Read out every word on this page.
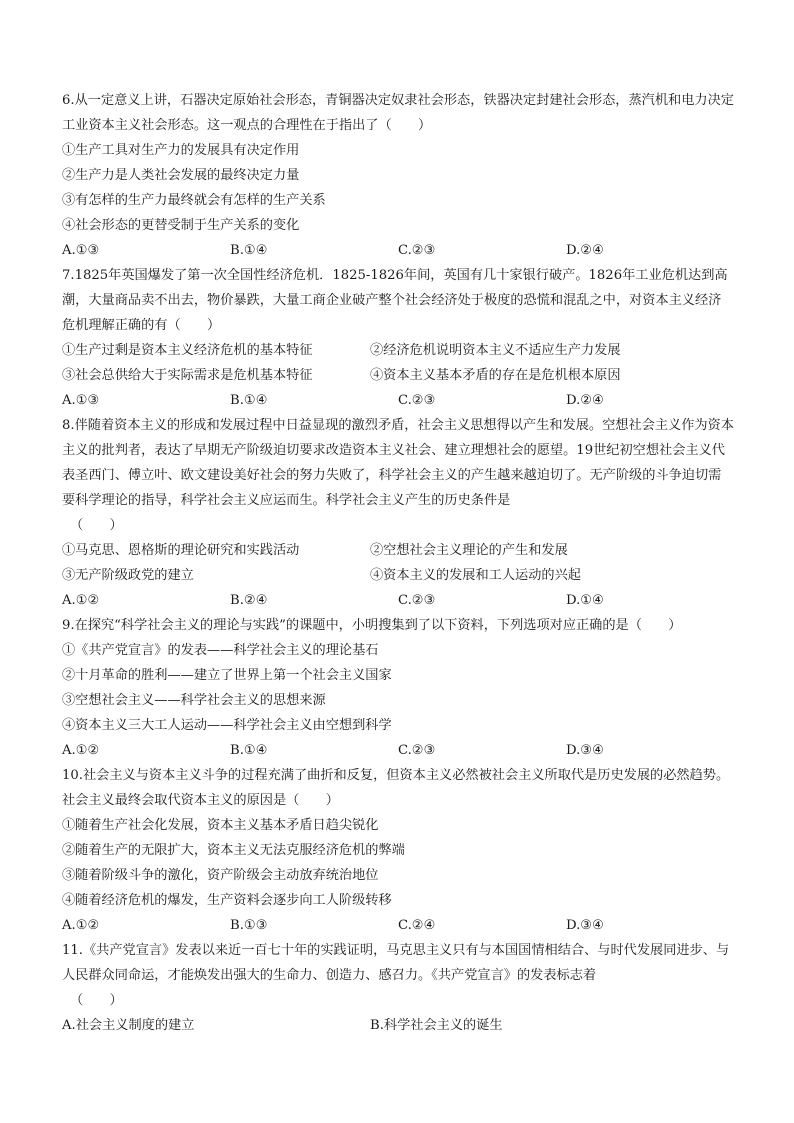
6.从一定意义上讲，石器决定原始社会形态，青铜器决定奴隶社会形态，铁器决定封建社会形态，蒸汽机和电力决定工业资本主义社会形态。这一观点的合理性在于指出了（　　）
①生产工具对生产力的发展具有决定作用
②生产力是人类社会发展的最终决定力量
③有怎样的生产力最终就会有怎样的生产关系
④社会形态的更替受制于生产关系的变化
A.①③	B.①④	C.②③	D.②④
7.1825年英国爆发了第一次全国性经济危机．1825-1826年间，英国有几十家银行破产。1826年工业危机达到高潮，大量商品卖不出去，物价暴跌，大量工商企业破产整个社会经济处于极度的恐慌和混乱之中，对资本主义经济危机理解正确的有（　　）
①生产过剩是资本主义经济危机的基本特征	②经济危机说明资本主义不适应生产力发展
③社会总供给大于实际需求是危机基本特征	④资本主义基本矛盾的存在是危机根本原因
A.①③	B.①④	C.②③	D.②④
8.伴随着资本主义的形成和发展过程中日益显现的激烈矛盾，社会主义思想得以产生和发展。空想社会主义作为资本主义的批判者，表达了早期无产阶级迫切要求改造资本主义社会、建立理想社会的愿望。19世纪初空想社会主义代表圣西门、傅立叶、欧文建设美好社会的努力失败了，科学社会主义的产生越来越迫切了。无产阶级的斗争迫切需要科学理论的指导，科学社会主义应运而生。科学社会主义产生的历史条件是
（　　）
①马克思、恩格斯的理论研究和实践活动	②空想社会主义理论的产生和发展
③无产阶级政党的建立	④资本主义的发展和工人运动的兴起
A.①②	B.②④	C.②③	D.①④
9.在探究“科学社会主义的理论与实践”的课题中，小明搜集到了以下资料，下列选项对应正确的是（　　）
①《共产党宣言》的发表——科学社会主义的理论基石
②十月革命的胜利——建立了世界上第一个社会主义国家
③空想社会主义——科学社会主义的思想来源
④资本主义三大工人运动——科学社会主义由空想到科学
A.①②	B.①④	C.②③	D.③④
10.社会主义与资本主义斗争的过程充满了曲折和反复，但资本主义必然被社会主义所取代是历史发展的必然趋势。社会主义最终会取代资本主义的原因是（　　）
①随着生产社会化发展，资本主义基本矛盾日趋尖锐化
②随着生产的无限扩大，资本主义无法克服经济危机的弊端
③随着阶级斗争的激化，资产阶级会主动放弃统治地位
④随着经济危机的爆发，生产资料会逐步向工人阶级转移
A.①②	B.①③	C.②④	D.③④
11.《共产党宣言》发表以来近一百七十年的实践证明，马克思主义只有与本国国情相结合、与时代发展同进步、与人民群众同命运，才能焕发出强大的生命力、创造力、感召力。《共产党宣言》的发表标志着
（　　）
A.社会主义制度的建立	B.科学社会主义的诞生
